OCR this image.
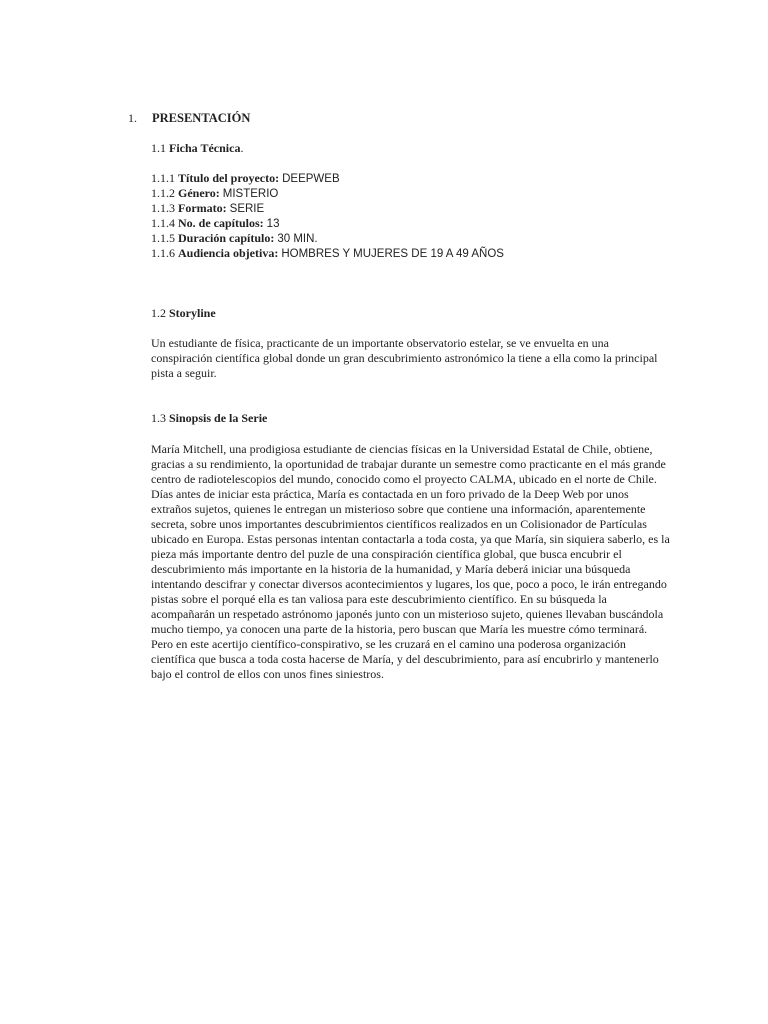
1. PRESENTACIÓN
1.1 Ficha Técnica.
1.1.1 Título del proyecto: DEEPWEB
1.1.2 Género: MISTERIO
1.1.3 Formato: SERIE
1.1.4 No. de capítulos: 13
1.1.5 Duración capítulo: 30 MIN.
1.1.6 Audiencia objetiva: HOMBRES Y MUJERES DE 19 A 49 AÑOS
1.2 Storyline

Un estudiante de física, practicante de un importante observatorio estelar, se ve envuelta en una conspiración científica global donde un gran descubrimiento astronómico la tiene a ella como la principal pista a seguir.

1.3 Sinopsis de la Serie

María Mitchell, una prodigiosa estudiante de ciencias físicas en la Universidad Estatal de Chile, obtiene, gracias a su rendimiento, la oportunidad de trabajar durante un semestre como practicante en el más grande centro de radiotelescopios del mundo, conocido como el proyecto CALMA, ubicado en el norte de Chile. Días antes de iniciar esta práctica, María es contactada en un foro privado de la Deep Web por unos extraños sujetos, quienes le entregan un misterioso sobre que contiene una información, aparentemente secreta, sobre unos importantes descubrimientos científicos realizados en un Colisionador de Partículas ubicado en Europa. Estas personas intentan contactarla a toda costa, ya que María, sin siquiera saberlo, es la pieza más importante dentro del puzle de una conspiración científica global, que busca encubrir el descubrimiento más importante en la historia de la humanidad, y María deberá iniciar una búsqueda intentando descifrar y conectar diversos acontecimientos y lugares, los que, poco a poco, le irán entregando pistas sobre el porqué ella es tan valiosa para este descubrimiento científico. En su búsqueda la acompañarán un respetado astrónomo japonés junto con un misterioso sujeto, quienes llevaban buscándola mucho tiempo, ya conocen una parte de la historia, pero buscan que María les muestre cómo terminará. Pero en este acertijo científico-conspirativo, se les cruzará en el camino una poderosa organización científica que busca a toda costa hacerse de María, y del descubrimiento, para así encubrirlo y mantenerlo bajo el control de ellos con unos fines siniestros.
